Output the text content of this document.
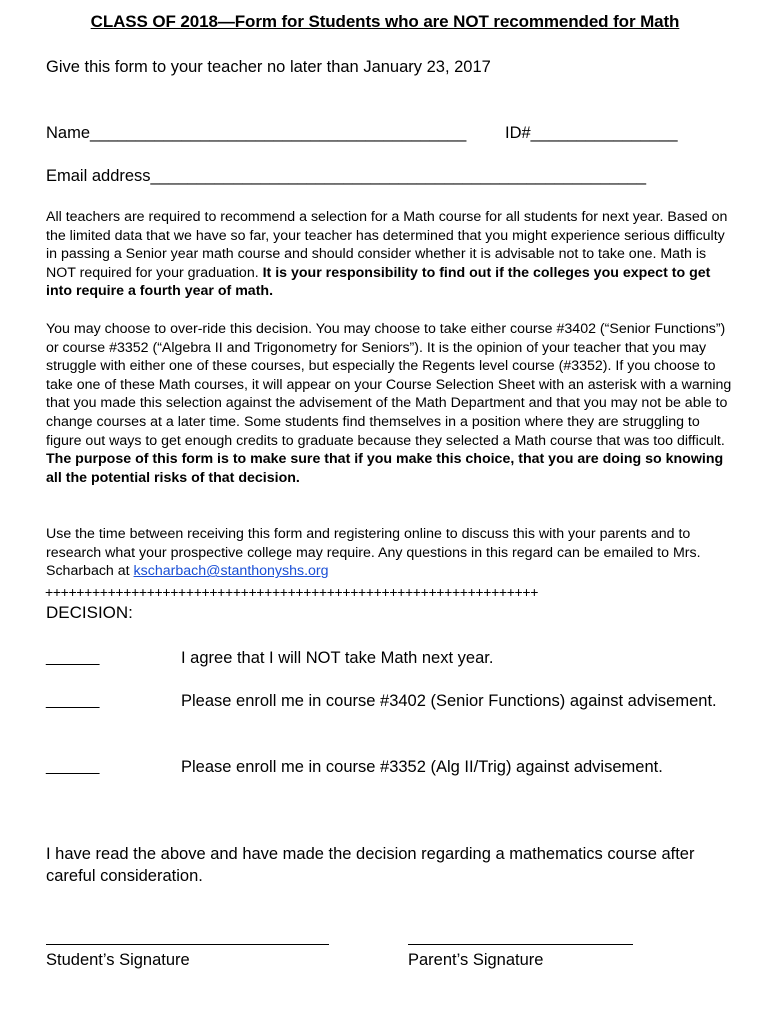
CLASS OF 2018—Form for Students who are NOT recommended for Math
Give this form to your teacher no later than January 23, 2017
Name_________________________________________ ID#________________
Email address______________________________________________________
All teachers are required to recommend a selection for a Math course for all students for next year. Based on the limited data that we have so far, your teacher has determined that you might experience serious difficulty in passing a Senior year math course and should consider whether it is advisable not to take one. Math is NOT required for your graduation. It is your responsibility to find out if the colleges you expect to get into require a fourth year of math.
You may choose to over-ride this decision. You may choose to take either course #3402 (“Senior Functions”) or course #3352 (“Algebra II and Trigonometry for Seniors”). It is the opinion of your teacher that you may struggle with either one of these courses, but especially the Regents level course (#3352). If you choose to take one of these Math courses, it will appear on your Course Selection Sheet with an asterisk with a warning that you made this selection against the advisement of the Math Department and that you may not be able to change courses at a later time. Some students find themselves in a position where they are struggling to figure out ways to get enough credits to graduate because they selected a Math course that was too difficult. The purpose of this form is to make sure that if you make this choice, that you are doing so knowing all the potential risks of that decision.
Use the time between receiving this form and registering online to discuss this with your parents and to research what your prospective college may require. Any questions in this regard can be emailed to Mrs. Scharbach at kscharbach@stanthonyshs.org
+++++++++++++++++++++++++++++++++++++++++++++++++++++++++++++++
DECISION:
______	I agree that I will NOT take Math next year.
______	Please enroll me in course #3402 (Senior Functions) against advisement.
______	Please enroll me in course #3352 (Alg II/Trig) against advisement.
I have read the above and have made the decision regarding a mathematics course after careful consideration.
Student’s Signature	Parent’s Signature
